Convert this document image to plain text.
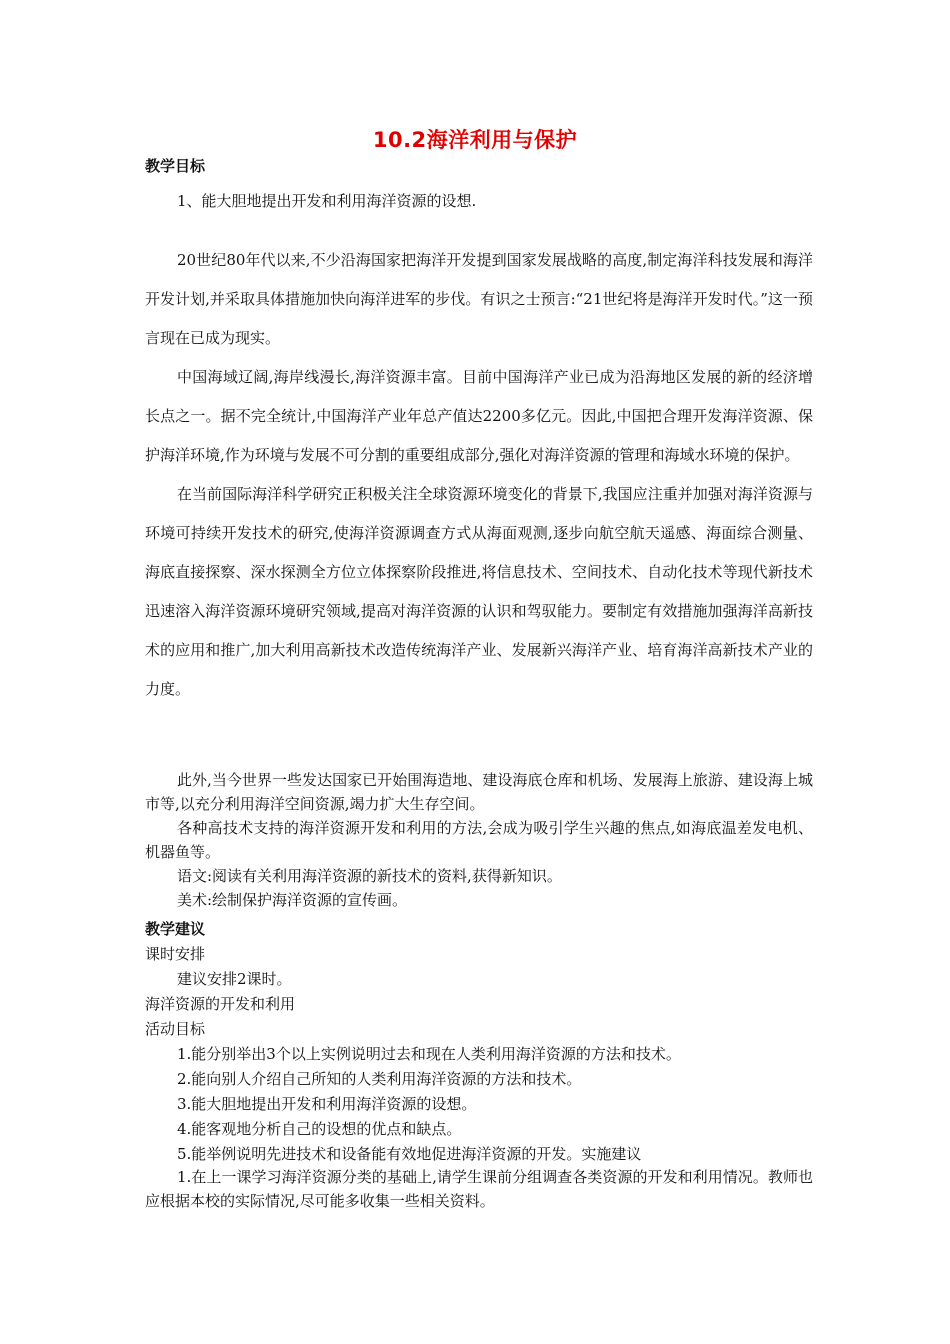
10.2海洋利用与保护
教学目标
1、能大胆地提出开发和利用海洋资源的设想.

20世纪80年代以来,不少沿海国家把海洋开发提到国家发展战略的高度,制定海洋科技发展和海洋开发计划,并采取具体措施加快向海洋进军的步伐。有识之士预言:“21世纪将是海洋开发时代。”这一预言现在已成为现实。

中国海域辽阔,海岸线漫长,海洋资源丰富。目前中国海洋产业已成为沿海地区发展的新的经济增长点之一。据不完全统计,中国海洋产业年总产值达2200多亿元。因此,中国把合理开发海洋资源、保护海洋环境,作为环境与发展不可分割的重要组成部分,强化对海洋资源的管理和海域水环境的保护。

在当前国际海洋科学研究正积极关注全球资源环境变化的背景下,我国应注重并加强对海洋资源与环境可持续开发技术的研究,使海洋资源调查方式从海面观测,逐步向航空航天遥感、海面综合测量、海底直接探察、深水探测全方位立体探察阶段推进,将信息技术、空间技术、自动化技术等现代新技术迅速溶入海洋资源环境研究领域,提高对海洋资源的认识和驾驭能力。要制定有效措施加强海洋高新技术的应用和推广,加大利用高新技术改造传统海洋产业、发展新兴海洋产业、培育海洋高新技术产业的力度。

此外,当今世界一些发达国家已开始围海造地、建设海底仓库和机场、发展海上旅游、建设海上城市等,以充分利用海洋空间资源,竭力扩大生存空间。

各种高技术支持的海洋资源开发和利用的方法,会成为吸引学生兴趣的焦点,如海底温差发电机、机器鱼等。

语文:阅读有关利用海洋资源的新技术的资料,获得新知识。

美术:绘制保护海洋资源的宣传画。

教学建议
课时安排
建议安排2课时。
海洋资源的开发和利用
活动目标
1.能分别举出3个以上实例说明过去和现在人类利用海洋资源的方法和技术。
2.能向别人介绍自己所知的人类利用海洋资源的方法和技术。
3.能大胆地提出开发和利用海洋资源的设想。
4.能客观地分析自己的设想的优点和缺点。
5.能举例说明先进技术和设备能有效地促进海洋资源的开发。实施建议

1.在上一课学习海洋资源分类的基础上,请学生课前分组调查各类资源的开发和利用情况。教师也应根据本校的实际情况,尽可能多收集一些相关资料。
